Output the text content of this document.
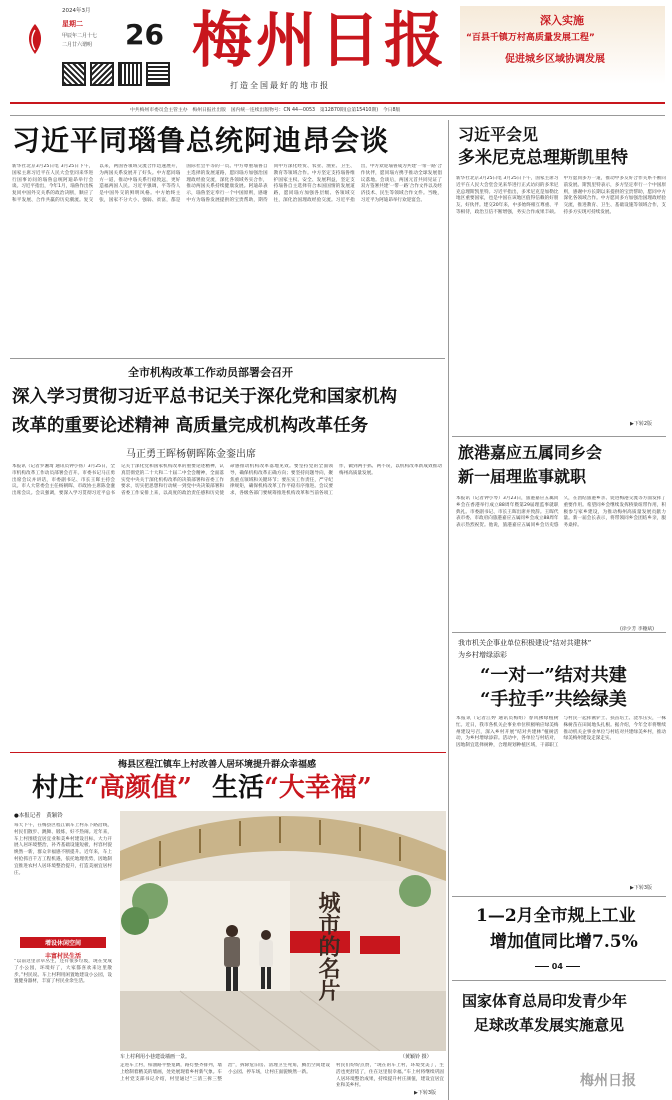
2024年3月
星期二
甲辰年二月十七
二月廿六谓明	26 梅州日报
打造全国最好的地市报
深入实施
“百县千镇万村高质量发展工程”
促进城乡区域协调发展
中共梅州市委员会主管主办　梅州日报社出版　国内统一连续出版物号：CN 44—0053　第12870期(总第15410期)　今日8版
习近平同瑙鲁总统阿迪昂会谈
新华社北京3月25日电 3月25日下午，国家主席习近平在人民大会堂同来华进行国事访问的瑙鲁总统阿迪昂举行会谈。习近平指出，今年1月，瑙鲁作出恢复同中国外交关系的政治决断，顺应了和平发展、合作共赢的历史潮流。复交以来，两国各领域交流合作迅速展开，为两国关系发展开了好头。中方愿同瑙方一道，推动中瑙关系行稳致远，更好造福两国人民。习近平强调，平等待人是中国外交的鲜明风格。中方始终主张，国家不分大小、强弱、贫富，都是国际社会平等的一员。中方尊重瑙鲁自主选择的发展道路，愿同瑙方加强治国理政经验交流，深化各领域务实合作，推动两国关系持续健康发展。阿迪昂表示，瑙鲁坚定奉行一个中国原则，感谢中方为瑙鲁发展提供的宝贵帮助，期待同中方深化经贸、农业、渔业、卫生、教育等领域合作。中方坚定支持瑙鲁维护国家主权、安全、发展利益，坚定支持瑙鲁自主选择符合本国国情的发展道路，愿同瑙方加强各层级、各领域交往，深化治国理政经验交流。习近平指出，中方欢迎瑙鲁成为共建‘一带一路’合作伙伴，愿同瑙方携手推动全球发展倡议落地。会谈后，两国元首共同见证了双方签署共建‘一带一路’合作文件以及经济技术、民生等领域合作文件。当晚，习近平为阿迪昂举行欢迎宴会。
习近平会见
多米尼克总理斯凯里特
新华社北京3月25日电 3月25日下午，国家主席习近平在人民大会堂会见来华进行正式访问的多米尼克总理斯凯里特。习近平指出，多米尼克是加勒比地区重要国家，也是中国在该地区值得信赖的好朋友、好伙伴。建交20年来，中多始终相互尊重、平等相待，政治互信不断增强，务实合作成果丰硕。中方愿同多方一道，推动中多友好合作关系不断向前发展。斯凯里特表示，多方坚定奉行一个中国原则，感谢中方长期以来提供的宝贵帮助，愿同中方深化各领域合作。中方愿同多方加强治国理政经验交流，推进教育、卫生、基础设施等领域合作，支持多方实现可持续发展。
▶下转2版
全市机构改革工作动员部署会召开
深入学习贯彻习近平总书记关于深化党和国家机构
改革的重要论述精神 高质量完成机构改革任务
马正勇王晖杨朝晖陈金銮出席
本报讯（记者罗湘琦 通讯员钟小扬）3月25日，全市机构改革工作动员部署会召开。市委书记马正勇出席会议并讲话，市委副书记、市长王晖主持会议。市人大常委会主任杨朝晖、市政协主席陈金銮出席会议。会议强调，要深入学习贯彻习近平总书记关于深化党和国家机构改革的重要论述精神，认真贯彻党的二十大和二十届二中全会精神，全面落实党中央关于深化机构改革的决策部署和省委工作要求，切实把思想和行动统一到党中央决策部署和省委工作安排上来，以高度的政治责任感和历史使命感推动机构改革落地见效。要坚持党的全面领导，确保机构改革正确方向；要坚持问题导向，聚焦重点领域和关键环节；要压实工作责任，严守纪律规矩，确保机构改革工作平稳有序推进。会议要求，各级各部门要统筹推进机构改革和当前各项工作，做到两手抓、两不误，以机构改革新成效推动梅州高质量发展。
旅港嘉应五属同乡会
新一届理监事就职
本报讯（记者钟小琴）3月23日，旅港嘉应五属同乡会在香港举行成立88周年暨第29届理监事就职典礼。市委副书记、市长王晖出席并致辞。王晖代表市委、市政府向旅港嘉应五属同乡会成立88周年表示热烈祝贺。他说，旅港嘉应五属同乡会历史悠久，在团结旅港乡亲、促进梅港交流等方面发挥了重要作用。希望同乡会继续发挥桥梁纽带作用，积极参与家乡建设，为推动梅州高质量发展贡献力量。新一届会长表示，将带领同乡会团结乡亲，服务桑梓。
(徐少芳 李穗斌)
我市机关企事业单位积极建设“结对共建林”
为乡村增绿添彩
“一对一”结对共建
“手拉手”共绘绿美
本报讯（记者江婷 通讯员梅组）春风拂绿植树忙。近日，我市各机关企事业单位积极响应绿美梅州建设号召，深入乡村开展“结对共建林”植树活动，为乡村增绿添彩。活动中，各单位与村结对，因地制宜选择树种，合理规划种植区域，干部职工与村民一起挥锹铲土、扶苗培土、浇水压实，一株株树苗在田间地头扎根。据介绍，今年全市将继续推动机关企事业单位与村结对共建绿美乡村，推动绿美梅州建设走深走实。
▶下转3版
梅县区程江镇车上村改善人居环境提升群众幸福感
村庄“高颜值” 生活“大幸福”
●本报记者　黄颖铃
每天下午，在梅县区程江镇车上村东下路沿线，村民们散步、跳舞、锻炼，好不热闹。近年来，车上村围绕宜居宜业和美乡村建设目标，大力开展人居环境整治，补齐基础设施短板，村容村貌焕然一新，群众幸福感不断提升。近年来，车上村抢抓百千万工程机遇，依托地理优势，因地制宜推进农村人居环境整治提升，打造美丽宜居村庄。
增设休闲空间
丰富村民生活
“以前这里杂草丛生，还有很多垃圾，现在变成了小公园，环境好了，大家都喜欢来这里散步。”村民说。车上村利用闲置地建设小公园，设置健身器材，丰富了村民业余生活。	城市的名片
车上村利用小巷建设墙画一景。	（黄颖铃 摄）
走进车上村，柏油路平整宽阔，路灯整齐排列，墙上绘制着精美的墙画，处处展现着乡村新气象。车上村党支部书记介绍，村里通过“三清三拆三整治”，拆除危旧房、清理卫生死角，腾出空间建设小公园、停车场，让村庄面貌焕然一新。
村民们纷纷点赞，“现在的车上村，环境变美了，生活也更舒适了，住在这里很幸福。”车上村将继续巩固人居环境整治成果，持续提升村庄颜值，建设宜居宜业和美乡村。
▶下转3版
1—2月全市规上工业
增加值同比增7.5%
04
国家体育总局印发青少年
足球改革发展实施意见
梅州日报
